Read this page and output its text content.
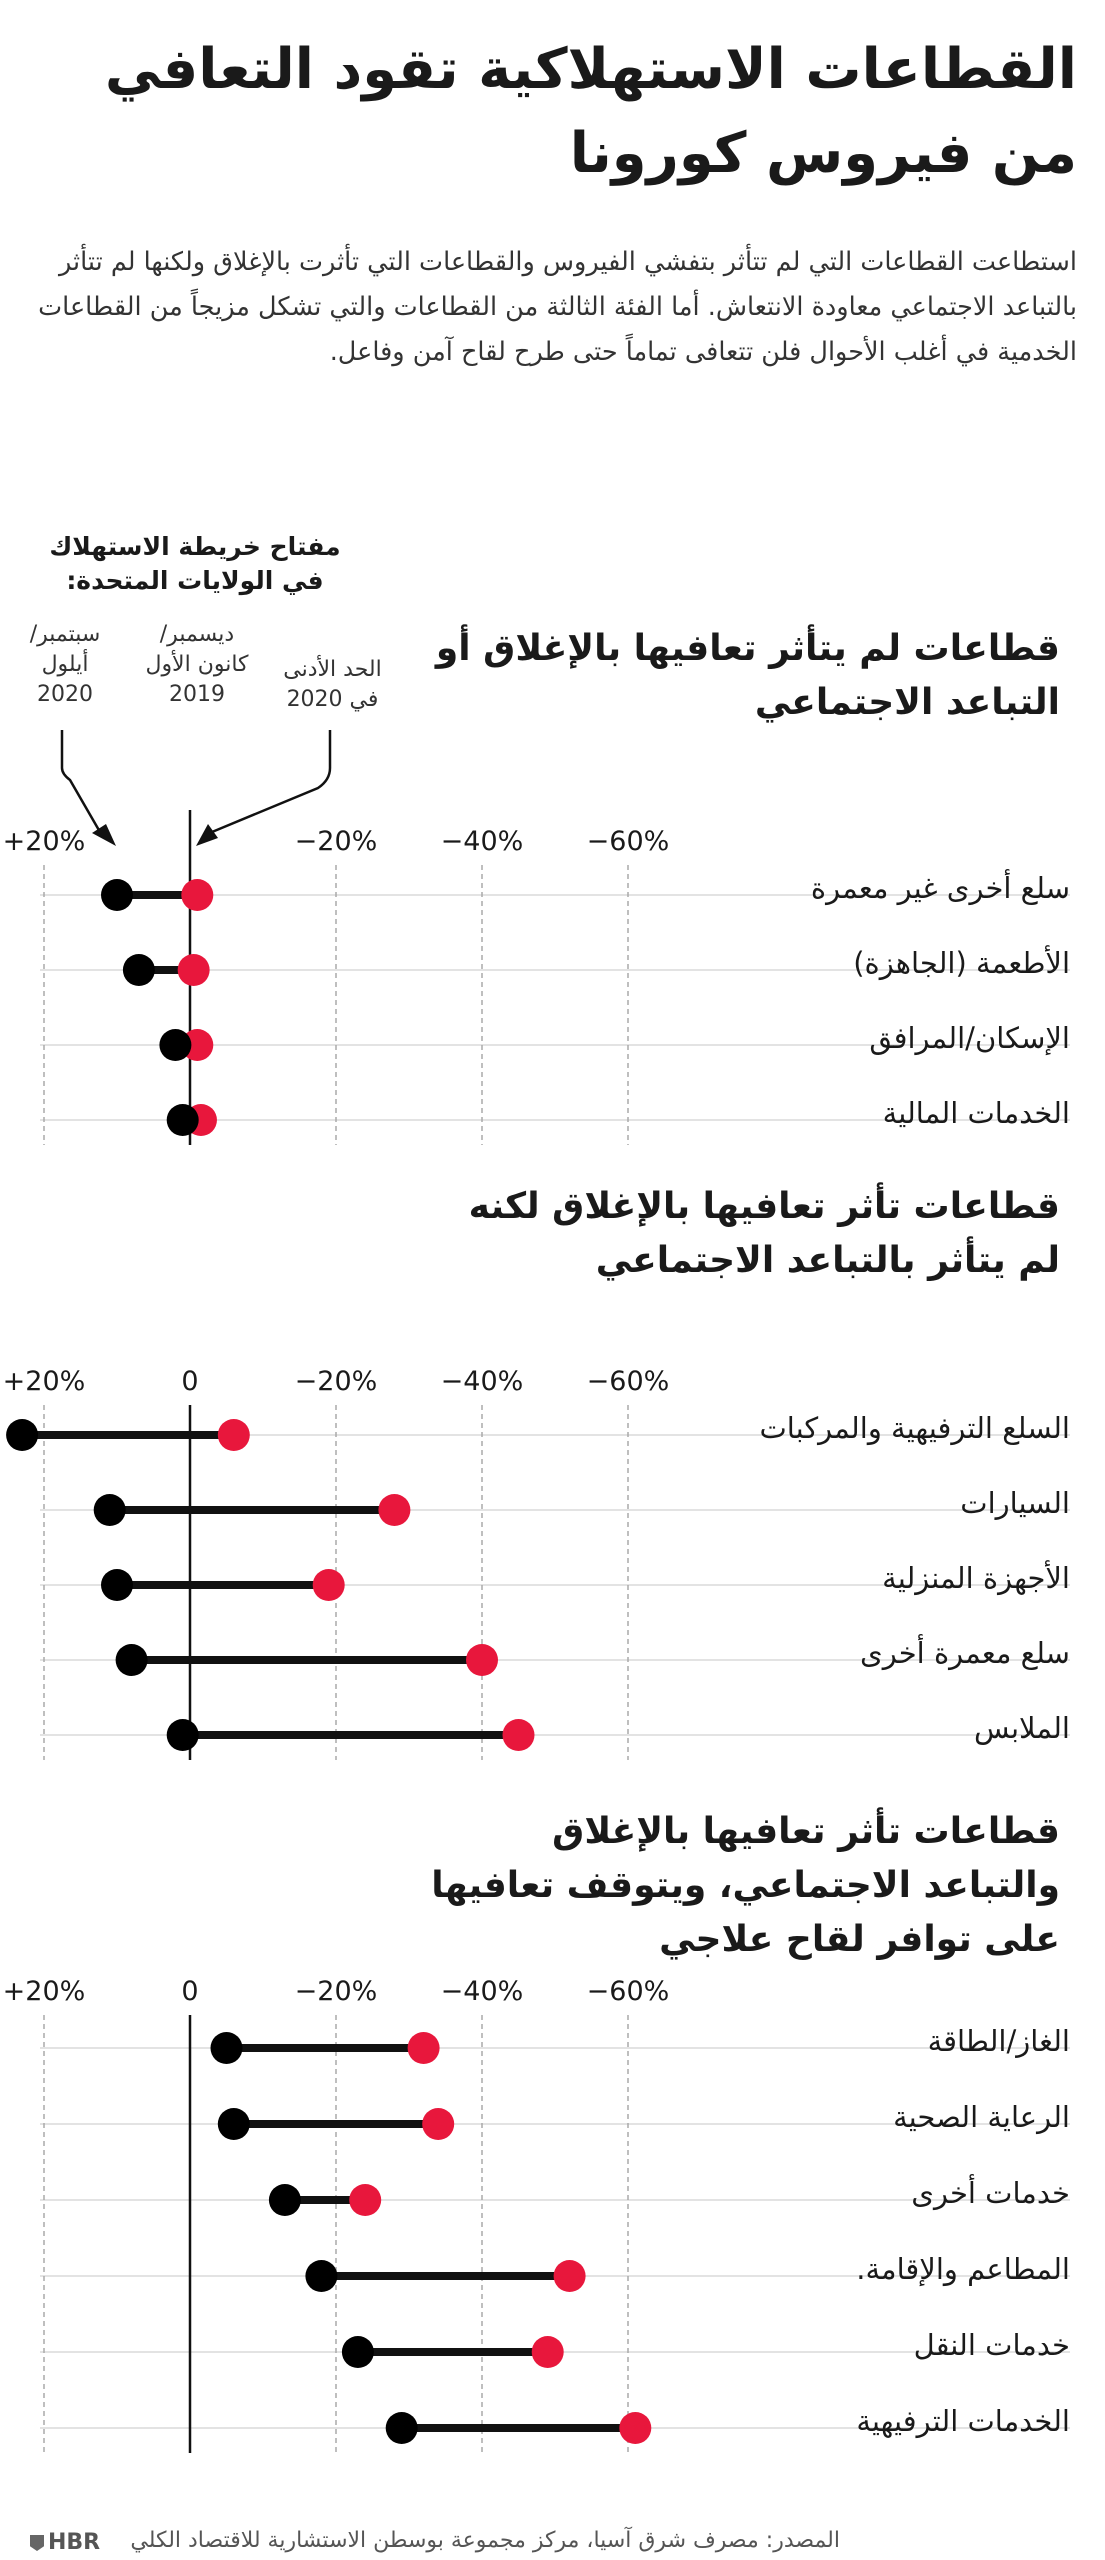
القطاعات الاستهلاكية تقود التعافي من فيروس كورونا

استطاعت القطاعات التي لم تتأثر بتفشي الفيروس والقطاعات التي تأثرت بالإغلاق ولكنها لم تتأثر بالتباعد الاجتماعي معاودة الانتعاش. أما الفئة الثالثة من القطاعات والتي تشكل مزيجاً من القطاعات الخدمية في أغلب الأحوال فلن تتعافى تماماً حتى طرح لقاح آمن وفاعل.

مفتاح خريطة الاستهلاك في الولايات المتحدة:
سبتمبر/
أيلول
2020
ديسمبر/
كانون الأول
2019
الحد الأدنى
في 2020
قطاعات لم يتأثر تعافيها بالإغلاق أو التباعد الاجتماعي
قطاعات تأثر تعافيها بالإغلاق لكنه لم يتأثر بالتباعد الاجتماعي
قطاعات تأثر تعافيها بالإغلاق والتباعد الاجتماعي، ويتوقف تعافيها على توافر لقاح علاجي
+20%	−20% −40% −60%
سلع أخرى غير معمرة
الأطعمة (الجاهزة)
الإسكان/المرافق
الخدمات المالية
+20%	0	−20% −40% −60%
السلع الترفيهية والمركبات
السيارات
الأجهزة المنزلية
سلع معمرة أخرى
الملابس
+20%	0	−20% −40% −60%
الغاز/الطاقة
الرعاية الصحية
خدمات أخرى
المطاعم والإقامة.
خدمات النقل
الخدمات الترفيهية
المصدر: مصرف شرق آسيا، مركز مجموعة بوسطن الاستشارية للاقتصاد الكلي
HBR
